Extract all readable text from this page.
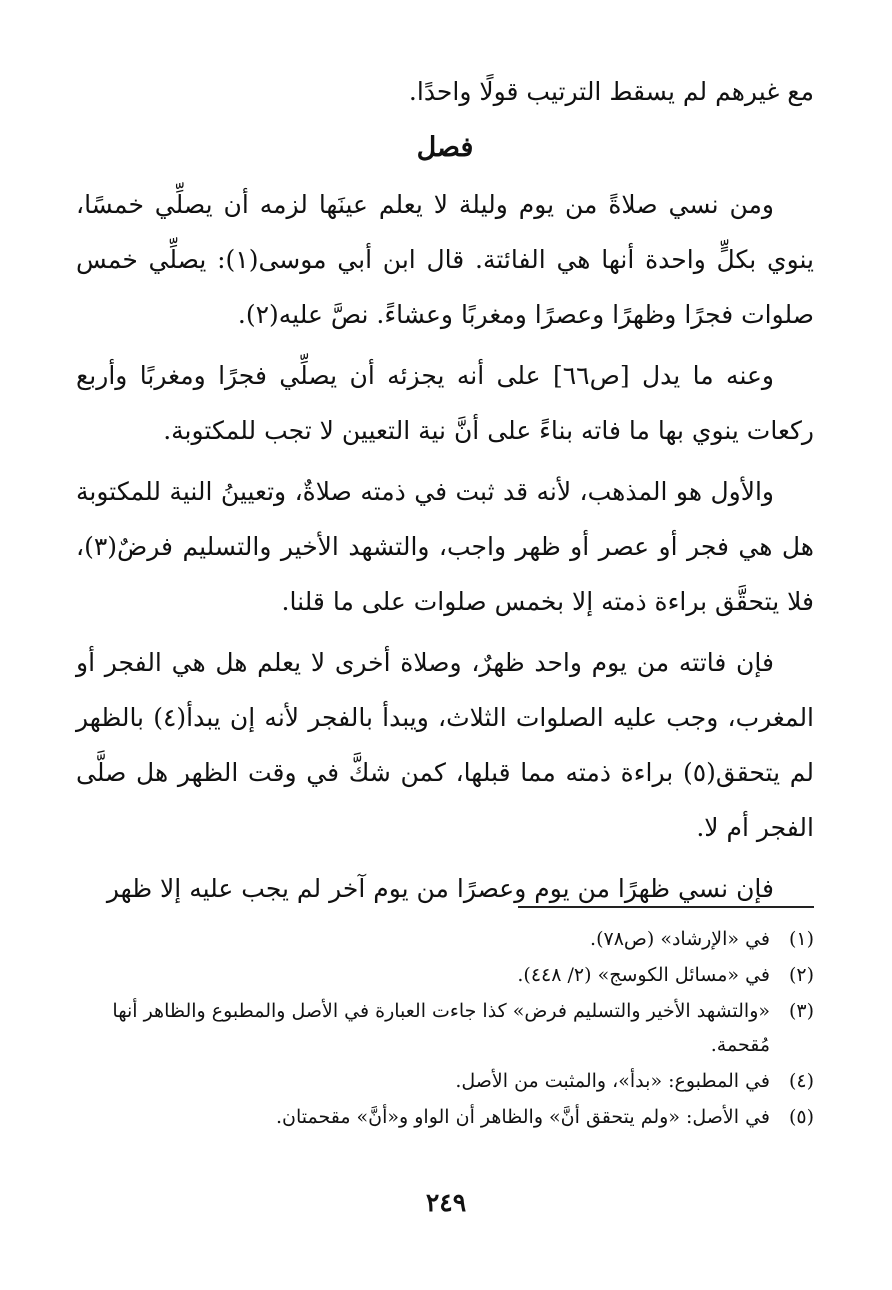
مع غيرهم لم يسقط الترتيب قولًا واحدًا.

فصل

ومن نسي صلاةً من يوم وليلة لا يعلم عينَها لزمه أن يصلِّي خمسًا، ينوي بكلٍّ واحدة أنها هي الفائتة. قال ابن أبي موسى(١): يصلِّي خمس صلوات فجرًا وظهرًا وعصرًا ومغربًا وعشاءً. نصَّ عليه(٢).

وعنه ما يدل [ص٦٦] على أنه يجزئه أن يصلِّي فجرًا ومغربًا وأربع ركعات ينوي بها ما فاته بناءً على أنَّ نية التعيين لا تجب للمكتوبة.

والأول هو المذهب، لأنه قد ثبت في ذمته صلاةٌ، وتعيينُ النية للمكتوبة هل هي فجر أو عصر أو ظهر واجب، والتشهد الأخير والتسليم فرضٌ(٣)، فلا يتحقَّق براءة ذمته إلا بخمس صلوات على ما قلنا.

فإن فاتته من يوم واحد ظهرٌ، وصلاة أخرى لا يعلم هل هي الفجر أو المغرب، وجب عليه الصلوات الثلاث، ويبدأ بالفجر لأنه إن يبدأ(٤) بالظهر لم يتحقق(٥) براءة ذمته مما قبلها، كمن شكَّ في وقت الظهر هل صلَّى الفجر أم لا.

فإن نسي ظهرًا من يوم وعصرًا من يوم آخر لم يجب عليه إلا ظهر

(١)
في «الإرشاد» (ص٧٨).
(٢)
في «مسائل الكوسج» (٢/ ٤٤٨).
(٣)
«والتشهد الأخير والتسليم فرض» كذا جاءت العبارة في الأصل والمطبوع والظاهر أنها مُقحمة.
(٤)
في المطبوع: «بدأ»، والمثبت من الأصل.
(٥)
في الأصل: «ولم يتحقق أنَّ» والظاهر أن الواو و«أنَّ» مقحمتان.
٢٤٩
